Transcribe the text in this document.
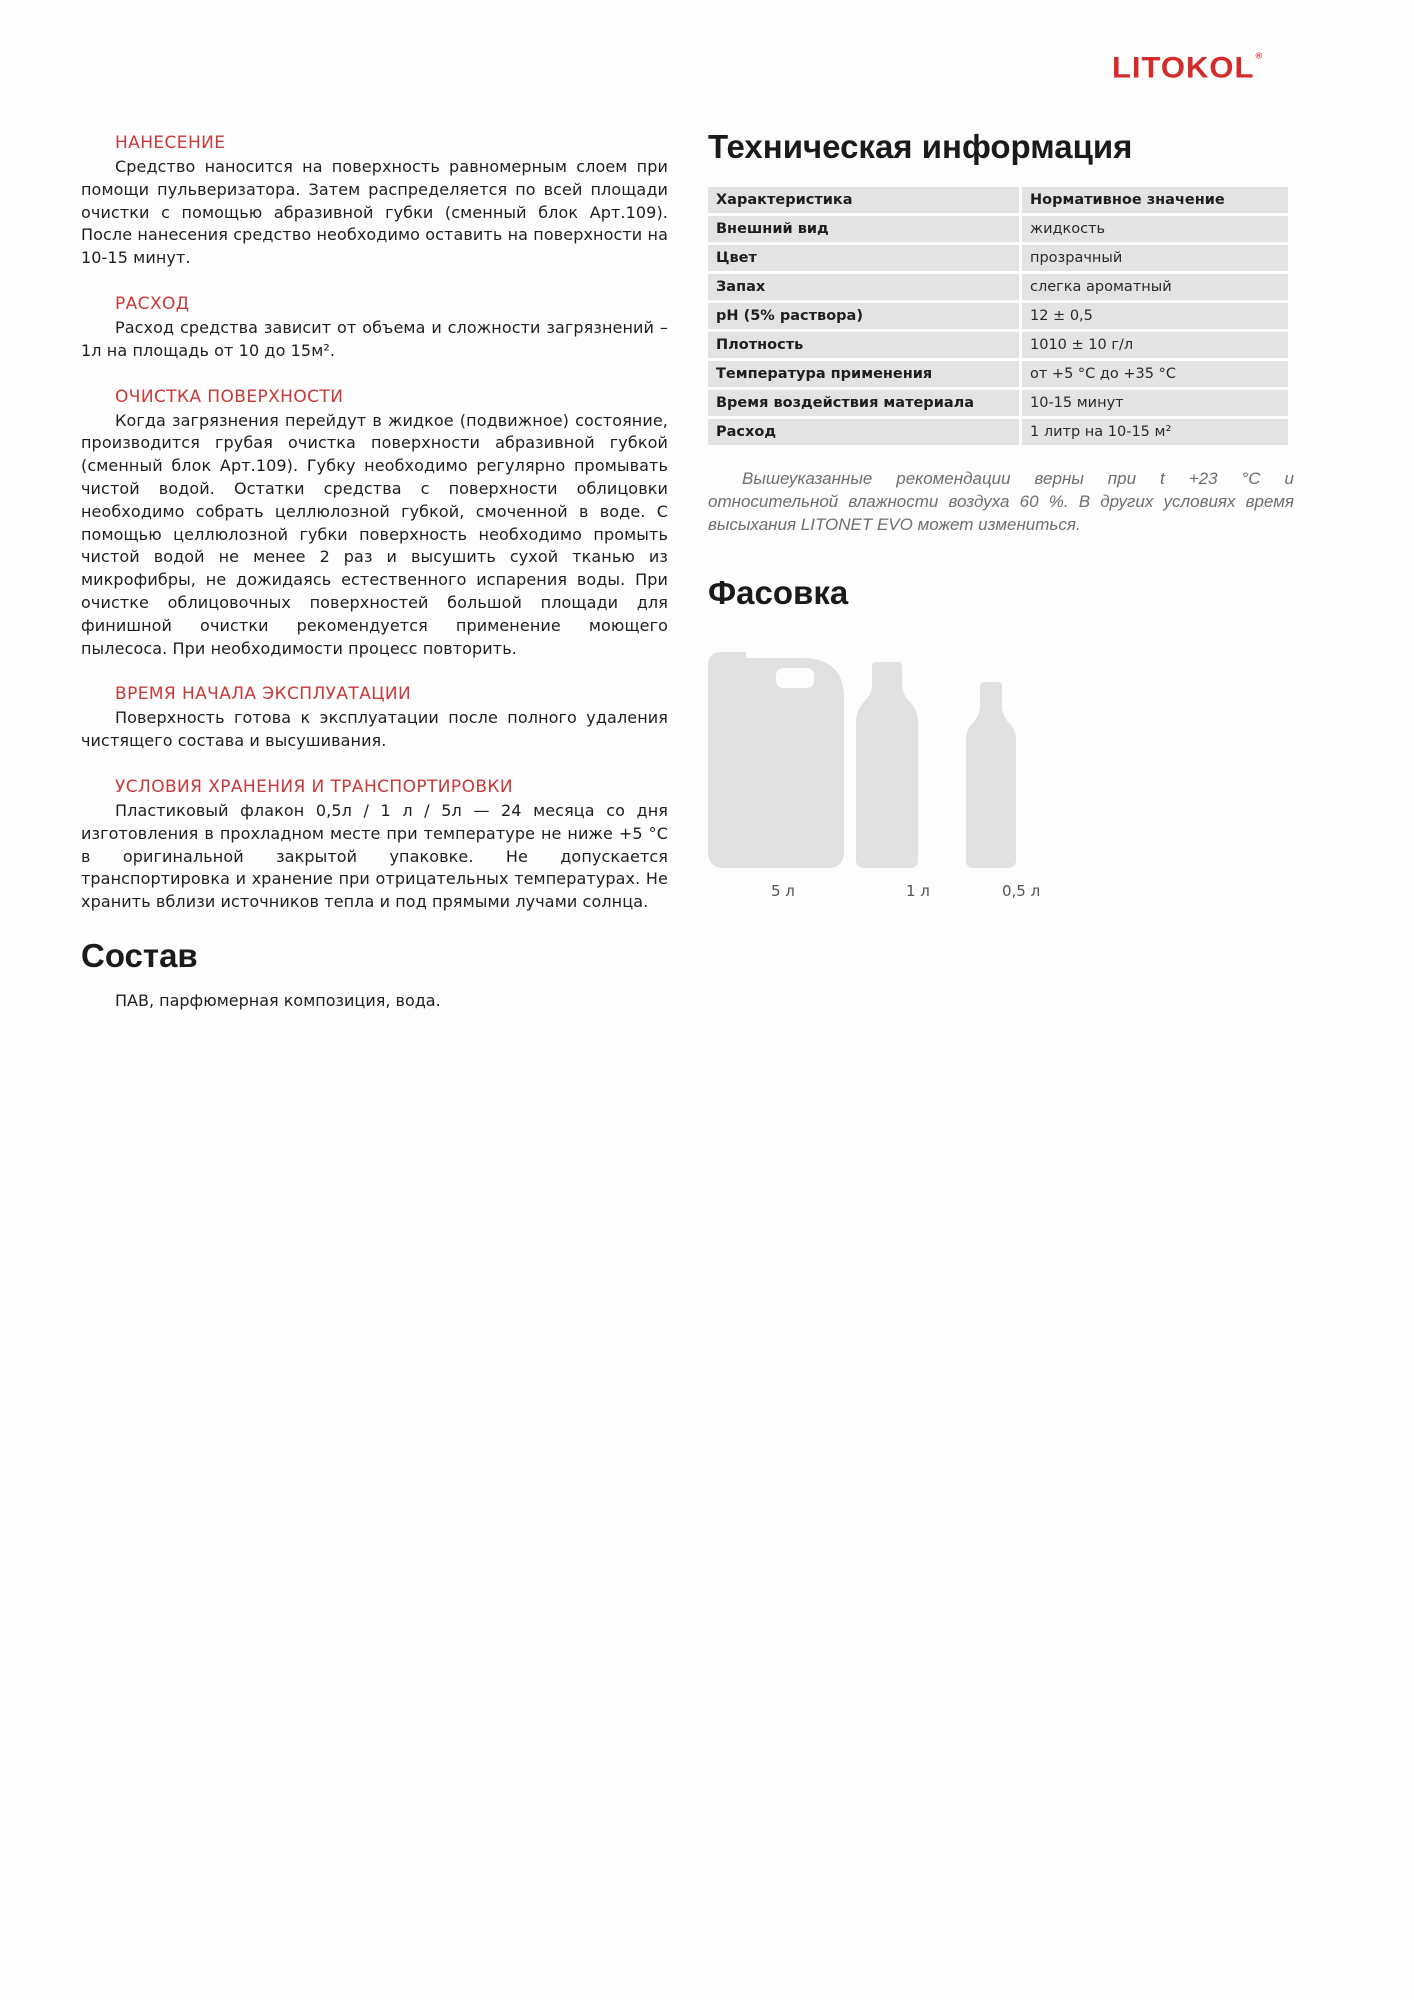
LITOKOL®
НАНЕСЕНИЕ

Средство наносится на поверхность равномерным слоем при помощи пульверизатора. Затем распределяется по всей площади очистки с помощью абразивной губки (сменный блок Арт.109). После нанесения средство необходимо оставить на поверхности на 10-15 минут.

РАСХОД

Расход средства зависит от объема и сложности загрязнений – 1л на площадь от 10 до 15м².

ОЧИСТКА ПОВЕРХНОСТИ

Когда загрязнения перейдут в жидкое (подвижное) состояние, производится грубая очистка поверхности абразивной губкой (сменный блок Арт.109). Губку необходимо регулярно промывать чистой водой. Остатки средства с поверхности облицовки необходимо собрать целлюлозной губкой, смоченной в воде. С помощью целлюлозной губки поверхность необходимо промыть чистой водой не менее 2 раз и высушить сухой тканью из микрофибры, не дожидаясь естественного испарения воды. При очистке облицовочных поверхностей большой площади для финишной очистки рекомендуется применение моющего пылесоса. При необходимости процесс повторить.

ВРЕМЯ НАЧАЛА ЭКСПЛУАТАЦИИ

Поверхность готова к эксплуатации после полного удаления чистящего состава и высушивания.

УСЛОВИЯ ХРАНЕНИЯ И ТРАНСПОРТИРОВКИ

Пластиковый флакон 0,5л / 1 л / 5л — 24 месяца со дня изготовления в прохладном месте при температуре не ниже +5 °С в оригинальной закрытой упаковке. Не допускается транспортировка и хранение при отрицательных температурах. Не хранить вблизи источников тепла и под прямыми лучами солнца.

Состав
ПАВ, парфюмерная композиция, вода.
Техническая информация
Характеристика	Нормативное значение
Внешний вид	жидкость
Цвет	прозрачный
Запах	слегка ароматный
pH (5% раствора)	12 ± 0,5
Плотность	1010 ± 10 г/л
Температура применения	от +5 °С до +35 °С
Время воздействия материала	10-15 минут
Расход	1 литр на 10-15 м²

Вышеуказанные рекомендации верны при t +23 °С и относительной влажности воздуха 60 %. В других условиях время высыхания LITONET EVO может измениться.

Фасовка
5 л	1 л	0,5 л
